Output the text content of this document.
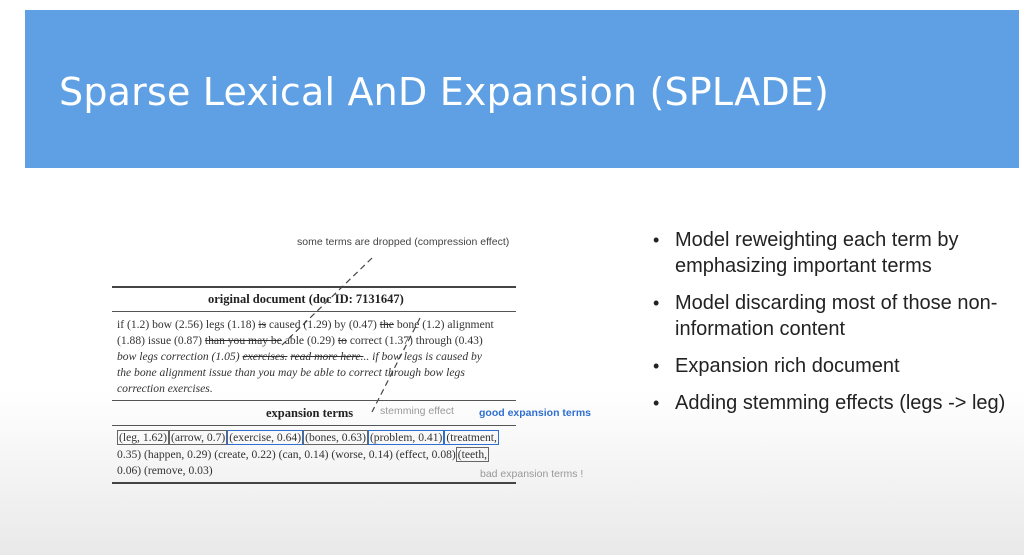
Sparse Lexical AnD Expansion (SPLADE)
some terms are dropped (compression effect)
original document (doc ID: 7131647)
if (1.2) bow (2.56) legs (1.18) is caused (1.29) by (0.47) the bone (1.2) alignment
(1.88) issue (0.87) than you may be able (0.29) to correct (1.37) through (0.43)
bow legs correction (1.05) exercises. read more here... if bow legs is caused by
the bone alignment issue than you may be able to correct through bow legs
correction exercises.
expansion terms	stemming effect good expansion terms
(leg, 1.62) (arrow, 0.7) (exercise, 0.64) (bones, 0.63) (problem, 0.41) (treatment,
0.35) (happen, 0.29) (create, 0.22) (can, 0.14) (worse, 0.14) (effect, 0.08) (teeth,
0.06) (remove, 0.03)	bad expansion terms !
• Model reweighting each term by emphasizing important terms
• Model discarding most of those non-information content
• Expansion rich document
• Adding stemming effects (legs -> leg)
